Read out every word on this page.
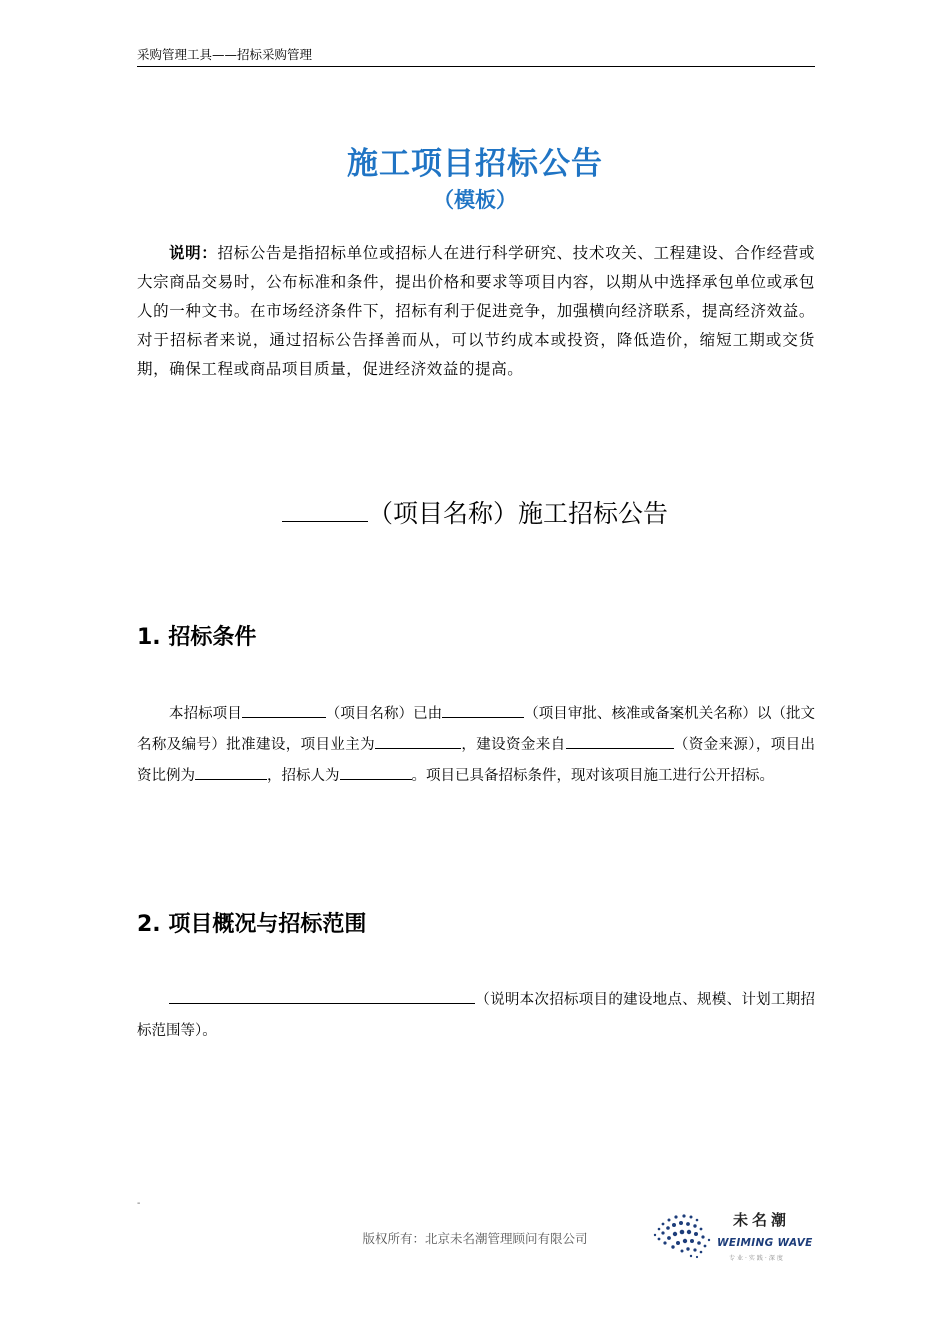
采购管理工具——招标采购管理
施工项目招标公告
（模板）
说明：招标公告是指招标单位或招标人在进行科学研究、技术攻关、工程建设、合作经营或大宗商品交易时，公布标准和条件，提出价格和要求等项目内容，以期从中选择承包单位或承包人的一种文书。在市场经济条件下，招标有利于促进竞争，加强横向经济联系，提高经济效益。对于招标者来说，通过招标公告择善而从，可以节约成本或投资，降低造价，缩短工期或交货期，确保工程或商品项目质量，促进经济效益的提高。
（项目名称）施工招标公告
1. 招标条件
本招标项目	（项目名称）已由	（项目审批、核准或备案机关名称）以（批文名称及编号）批准建设，项目业主为	，建设资金来自	（资金来源），项目出资比例为	，招标人为	。项目已具备招标条件，现对该项目施工进行公开招标。
2. 项目概况与招标范围
（说明本次招标项目的建设地点、规模、计划工期招标范围等）。
-
版权所有：北京未名潮管理顾问有限公司
未名潮
WEIMING WAVE
专业·实践·深度
